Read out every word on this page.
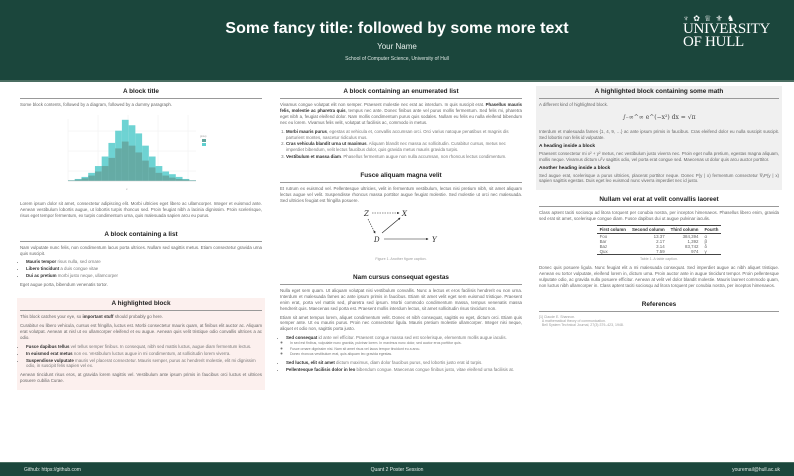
Some fancy title: followed by some more text
Your Name
School of Computer Science, University of Hull
♆ ✿ ♕ ⚜ ♞
UNIVERSITY
OF HULL
A block title

Some block contents, followed by a diagram, followed by a dummy paragraph.

x
group

Lorem ipsum dolor sit amet, consectetur adipiscing elit. Morbi ultricies eget libero ac ullamcorper. Integer et euismod ante. Aenean vestibulum lobortis augue, ut lobortis turpis rhoncus sed. Proin feugiat nibh a lacinia dignissim. Proin scelerisque, risus eget tempor fermentum, ex turpis condimentum urna, quis malesuada sapien arcu eu purus.

A block containing a list

Nam vulputate nunc felis, non condimentum lacus porta ultrices. Nullam sed sagittis metus. Etiam consectetur gravida urna quis suscipit.

• Mauris tempor risus nulla, sed ornare
• Libero tincidunt a duis congue vitae
• Dui ac pretium morbi justo neque, ullamcorper

Eget augue porta, bibendum venenatis tortor.

A highlighted block

This block catches your eye, so important stuff should probably go here.

Curabitur eu libero vehicula, cursus est fringilla, luctus est. Morbi consectetur mauris quam, at finibus elit auctor ac. Aliquam erat volutpat. Aenean at nisl ut ex ullamcorper eleifend et eu augue. Aenean quis velit tristique odio convallis ultrices a ac odio.

• Fusce dapibus tellus vel tellus semper finibus. In consequat, nibh sed mattis luctus, augue diam fermentum lectus.
• In euismod erat metus non ex. Vestibulum luctus augue in mi condimentum, at sollicitudin lorem viverra.
• Suspendisse vulputate mauris vel placerat consectetur. Mauris semper, purus ac hendrerit molestie, elit mi dignissim odio, in suscipit felis sapien vel ex.

Aenean tincidunt risus eros, at gravida lorem sagittis vel. Vestibulum ante ipsum primis in faucibus orci luctus et ultrices posuere cubilia Curae.

A block containing an enumerated list

Vivamus congue volutpat elit non semper. Praesent molestie nec erat ac interdum. In quis suscipit erat. Phasellus mauris felis, molestie ac pharetra quis, tempus nec ante. Donec finibus ante vel purus mollis fermentum. Sed felis mi, pharetra eget nibh a, feugiat eleifend dolor. Nam mollis condimentum purus quis sodales. Nullam eu felis eu nulla eleifend bibendum nec eu lorem. Vivamus felis velit, volutpat ut facilisis ac, commodo in metus.

1. Morbi mauris purus, egestas at vehicula et, convallis accumsan orci. Orci varius natoque penatibus et magnis dis parturient montes, nascetur ridiculus mus.
2. Cras vehicula blandit urna ut maximus. Aliquam blandit nec massa ac sollicitudin. Curabitur cursus, metus nec imperdiet bibendum, velit lectus faucibus dolor, quis gravida metus mauris gravida turpis.
3. Vestibulum et massa diam. Phasellus fermentum augue non nulla accumsan, non rhoncus lectus condimentum.
Fusce aliquam magna velit

Et rutrum ex euismod vel. Pellentesque ultricies, velit in fermentum vestibulum, lectus nisi pretium nibh, sit amet aliquam lectus augue vel velit. Suspendisse rhoncus massa porttitor augue feugiat molestie. Sed molestie ut orci nec malesuada. Sed ultricies feugiat est fringilla posuere.

Z	X
D	Y
Figure 1. Another figure caption.
Nam cursus consequat egestas

Nulla eget sem quam. Ut aliquam volutpat nisi vestibulum convallis. Nunc a lectus et eros facilisis hendrerit eu non urna. Interdum et malesuada fames ac ante ipsum primis in faucibus. Etiam sit amet velit eget sem euismod tristique. Praesent enim erat, porta vel mattis sed, pharetra sed ipsum. Morbi commodo condimentum massa, tempus venenatis massa hendrerit quis. Maecenas sed porta est. Praesent mollis interdum lectus, sit amet sollicitudin risus tincidunt non.

Etiam sit amet tempus lorem, aliquet condimentum velit. Donec et nibh consequat, sagittis ex eget, dictum orci. Etiam quis semper ante. Ut eu mauris purus. Proin nec consectetur ligula. Mauris pretium molestie ullamcorper. Integer nisi neque, aliquet et odio non, sagittis porta justo.

• Sed consequat id ante vel efficitur. Praesent congue massa sed est scelerisque, elementum mollis augue iaculis.
◦ In sed est finibus, vulputate nunc gravida, pulvinar lorem. In maximus nunc dolor, sed auctor eros porttitor quis.
◦ Fusce ornare dignissim nisi. Nam sit amet risus vel lacus tempor tincidunt eu a arcu.
◦ Donec rhoncus vestibulum erat, quis aliquam leo gravida egestas.
• Sed luctus, elit sit amet dictum maximus, diam dolor faucibus purus, sed lobortis justo erat id turpis.
• Pellentesque facilisis dolor in leo bibendum congue. Maecenas congue finibus justo, vitae eleifend urna facilisis at.
A highlighted block containing some math

A different kind of highlighted block.

∫₋∞^∞ e^(−x²) dx = √π

Interdum et malesuada fames {1, 4, 9, …} ac ante ipsum primis in faucibus. Cras eleifend dolor eu nulla suscipit suscipit. Sed lobortis non felis id vulputate.

A heading inside a block

Praesent consectetur mi x² + y² metus, nec vestibulum justo viverra nec. Proin eget nulla pretium, egestas magna aliquam, mollis neque. Vivamus dictum uᵀv sagittis odio, vel porta erat congue sed. Maecenas ut dolor quis arcu auctor porttitor.

Another heading inside a block

Sed augue erat, scelerisque a purus ultricies, placerat porttitor neque. Donec P(y | x) fermentum consectetur ∇ₓP(y | x) sapien sagittis egestas. Duis eget leo euismod nunc viverra imperdiet nec id justo.

Nullam vel erat at velit convallis laoreet

Class aptent taciti sociosqu ad litora torquent per conubia nostra, per inceptos himenaeos. Phasellus libero enim, gravida sed erat sit amet, scelerisque congue diam. Fusce dapibus dui ut augue pulvinar iaculis.

First column	Second column	Third column	Fourth
Foo	13.37	384,394	α
Bar	2.17	1,392	β
Baz	3.14	83,742	δ
Qux	7.59	974	γ
Table 1. A table caption.

Donec quis posuere ligula. Nunc feugiat elit a mi malesuada consequat. Sed imperdiet augue ac nibh aliquet tristique. Aenean eu tortor vulputate, eleifend lorem in, dictum urna. Proin auctor ante in augue tincidunt tempor. Proin pellentesque vulputate odio, ac gravida nulla posuere efficitur. Aenean at velit vel dolor blandit molestie. Mauris laoreet commodo quam, non luctus nibh ullamcorper in. Class aptent taciti sociosqu ad litora torquent per conubia nostra, per inceptos himenaeos.

References
[1] Claude E. Shannon.
A mathematical theory of communication.
Bell System Technical Journal, 27(3):379–423, 1948.
Github: https://github.com	Quant 2 Poster Session	youremail@hull.ac.uk
